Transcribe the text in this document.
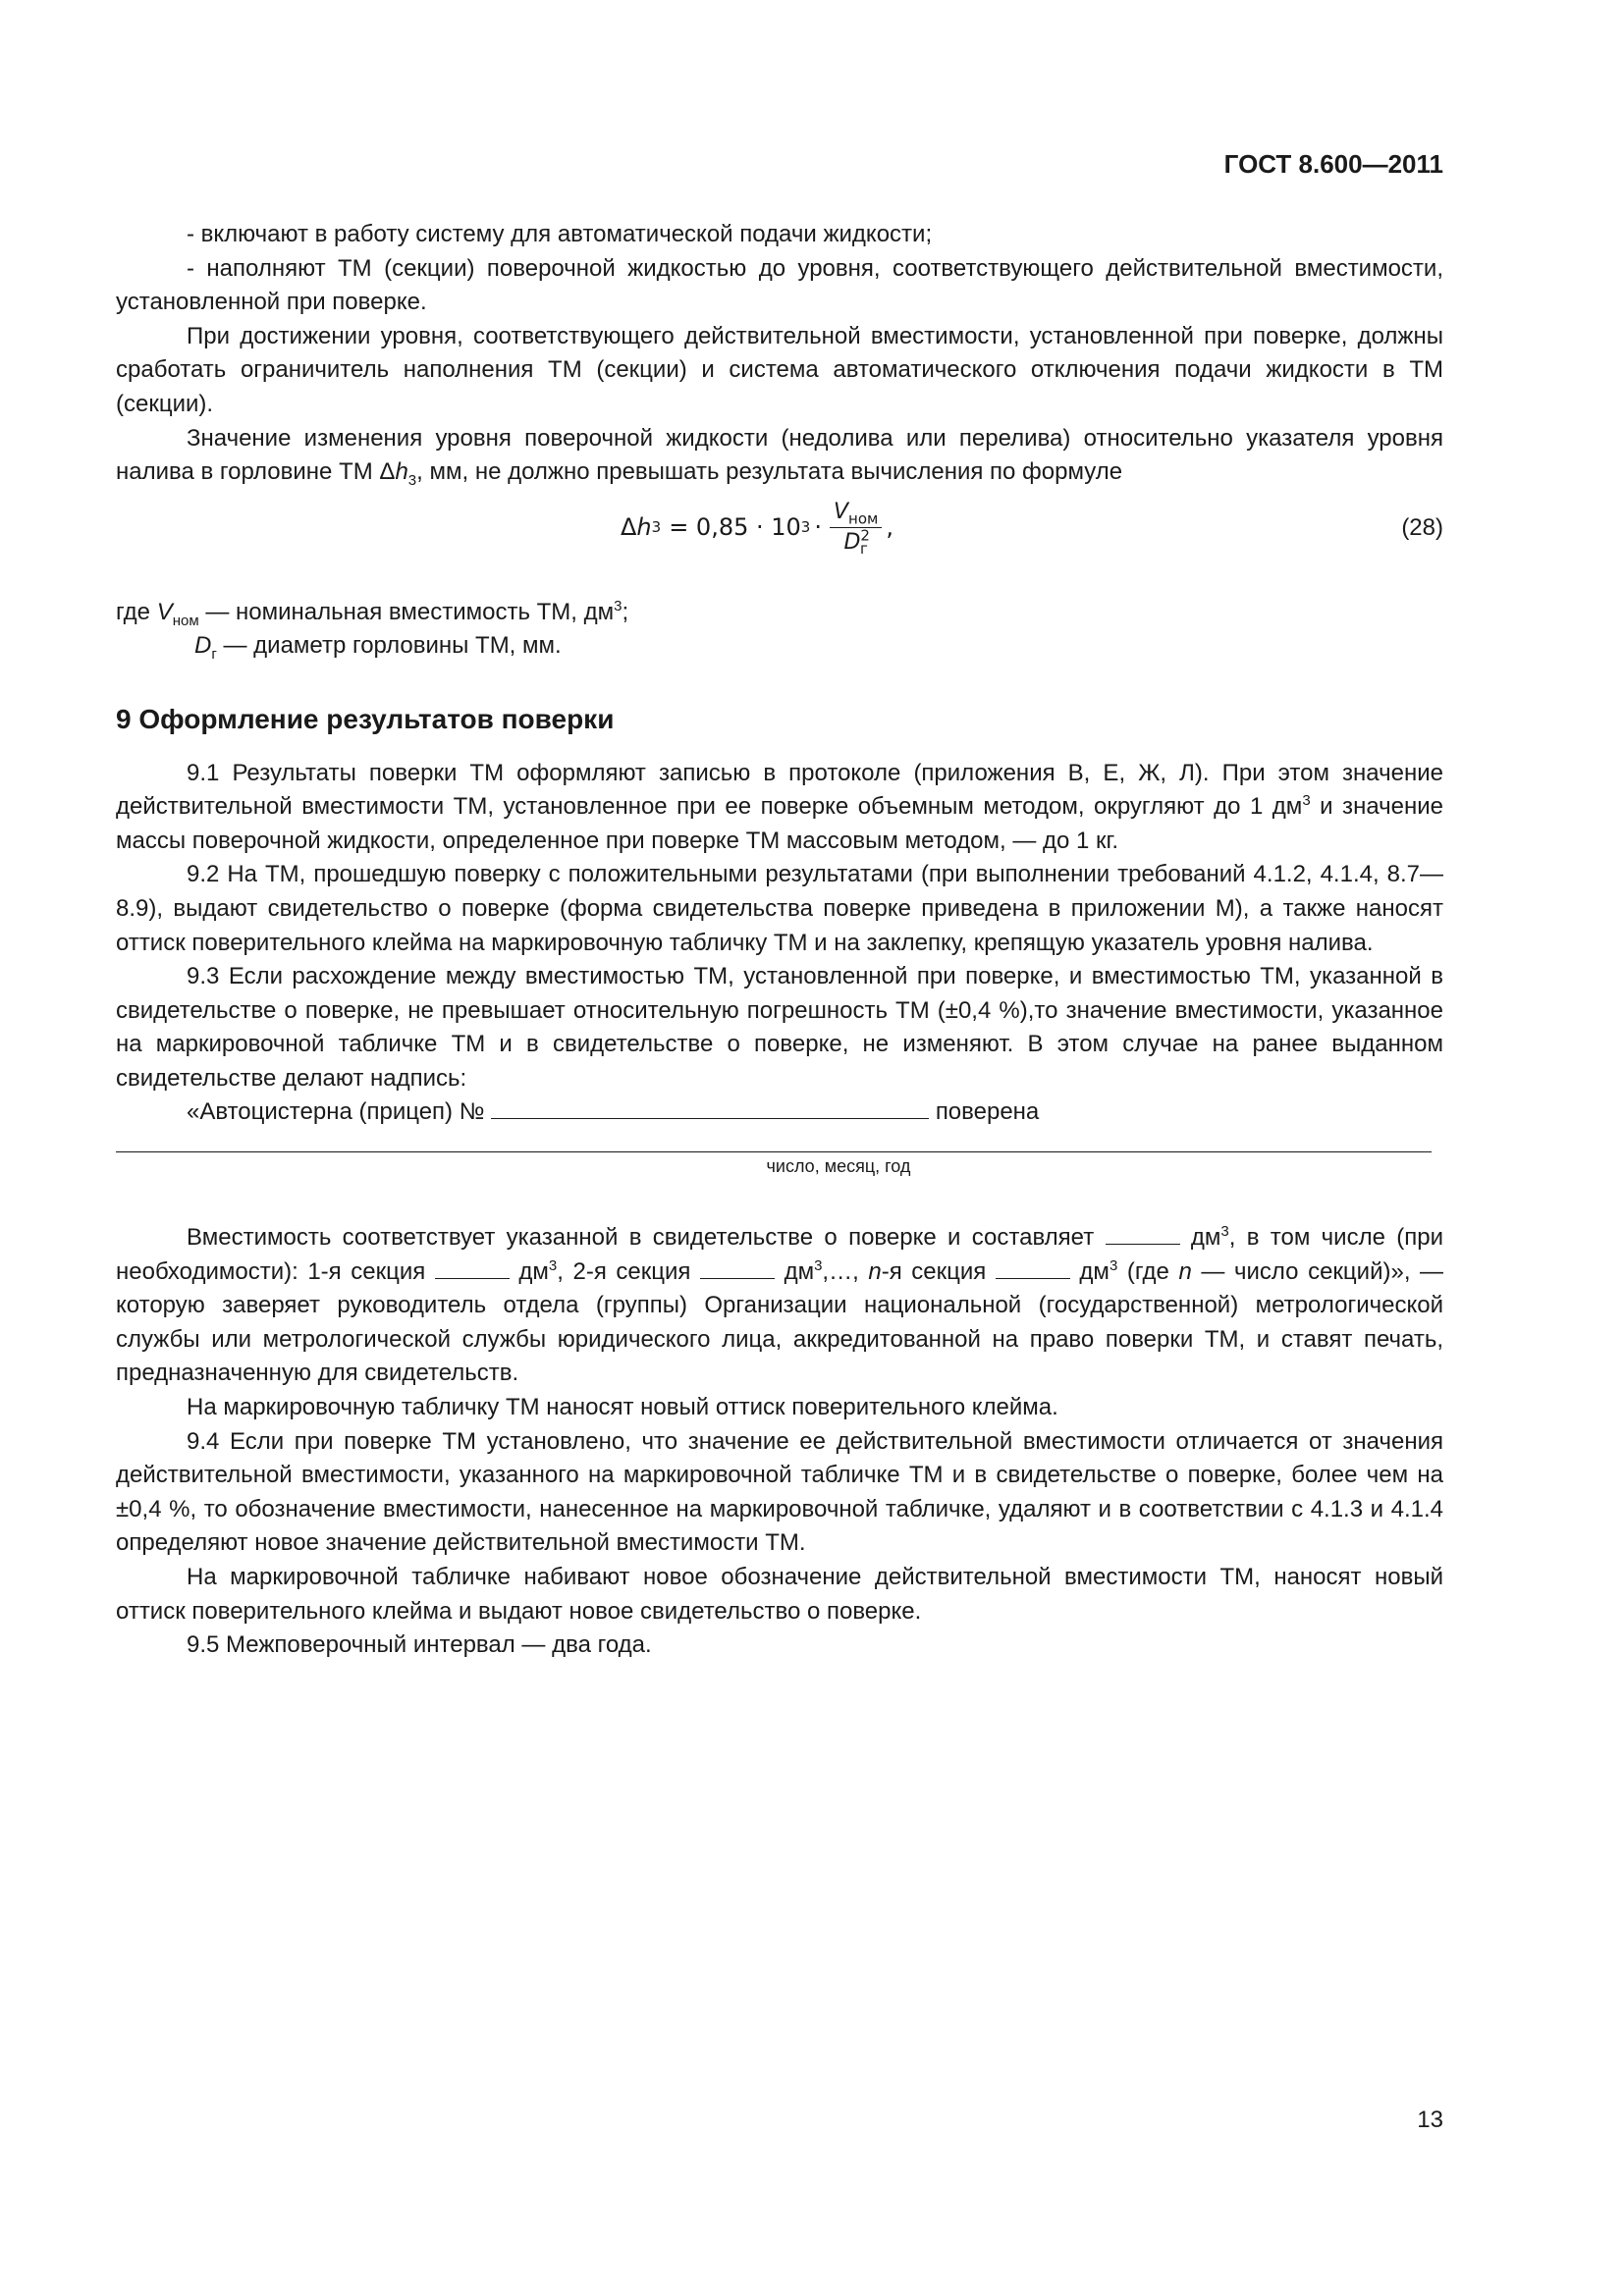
ГОСТ 8.600—2011

- включают в работу систему для автоматической подачи жидкости;

- наполняют ТМ (секции) поверочной жидкостью до уровня, соответствующего действительной вместимости, установленной при поверке.

При достижении уровня, соответствующего действительной вместимости, установленной при поверке, должны сработать ограничитель наполнения ТМ (секции) и система автоматического отключения подачи жидкости в ТМ (секции).

Значение изменения уровня поверочной жидкости (недолива или перелива) относительно указателя уровня налива в горловине ТМ $\Delta h_3$, мм, не должно превышать результата вычисления по формуле

Δ h 3 = 0,85 · 10 $3 \cdot \frac{V_{ном}}{D^2_г}$ ,	(28)

где $V_{ном}$ — номинальная вместимость ТМ, $дм^3$;

$D_г$ — диаметр горловины ТМ, мм.

9 Оформление результатов поверки

9.1 Результаты поверки ТМ оформляют записью в протоколе (приложения В, Е, Ж, Л). При этом значение действительной вместимости ТМ, установленное при ее поверке объемным методом, округляют до 1 $дм^3$ и значение массы поверочной жидкости, определенное при поверке ТМ массовым методом, — до 1 кг.

9.2 На ТМ, прошедшую поверку с положительными результатами (при выполнении требований 4.1.2, 4.1.4, 8.7—8.9), выдают свидетельство о поверке (форма свидетельства поверке приведена в приложении М), а также наносят оттиск поверительного клейма на маркировочную табличку ТМ и на заклепку, крепящую указатель уровня налива.

9.3 Если расхождение между вместимостью ТМ, установленной при поверке, и вместимостью ТМ, указанной в свидетельстве о поверке, не превышает относительную погрешность ТМ (±0,4 %),то значение вместимости, указанное на маркировочной табличке ТМ и в свидетельстве о поверке, не изменяют. В этом случае на ранее выданном свидетельстве делают надпись:

«Автоцистерна (прицеп) №	поверена

число, месяц, год

Вместимость соответствует указанной в свидетельстве о поверке и составляет	$дм^3$, в том числе (при необходимости): 1-я секция	$дм^3$, 2-я секция	$дм^3,\dots$, n-я секция	$дм^3$ (где n — число секций)», — которую заверяет руководитель отдела (группы) Организации национальной (государственной) метрологической службы или метрологической службы юридического лица, аккредитованной на право поверки ТМ, и ставят печать, предназначенную для свидетельств.

На маркировочную табличку ТМ наносят новый оттиск поверительного клейма.

9.4 Если при поверке ТМ установлено, что значение ее действительной вместимости отличается от значения действительной вместимости, указанного на маркировочной табличке ТМ и в свидетельстве о поверке, более чем на ±0,4 %, то обозначение вместимости, нанесенное на маркировочной табличке, удаляют и в соответствии с 4.1.3 и 4.1.4 определяют новое значение действительной вместимости ТМ.

На маркировочной табличке набивают новое обозначение действительной вместимости ТМ, наносят новый оттиск поверительного клейма и выдают новое свидетельство о поверке.

9.5 Межповерочный интервал — два года.

13
